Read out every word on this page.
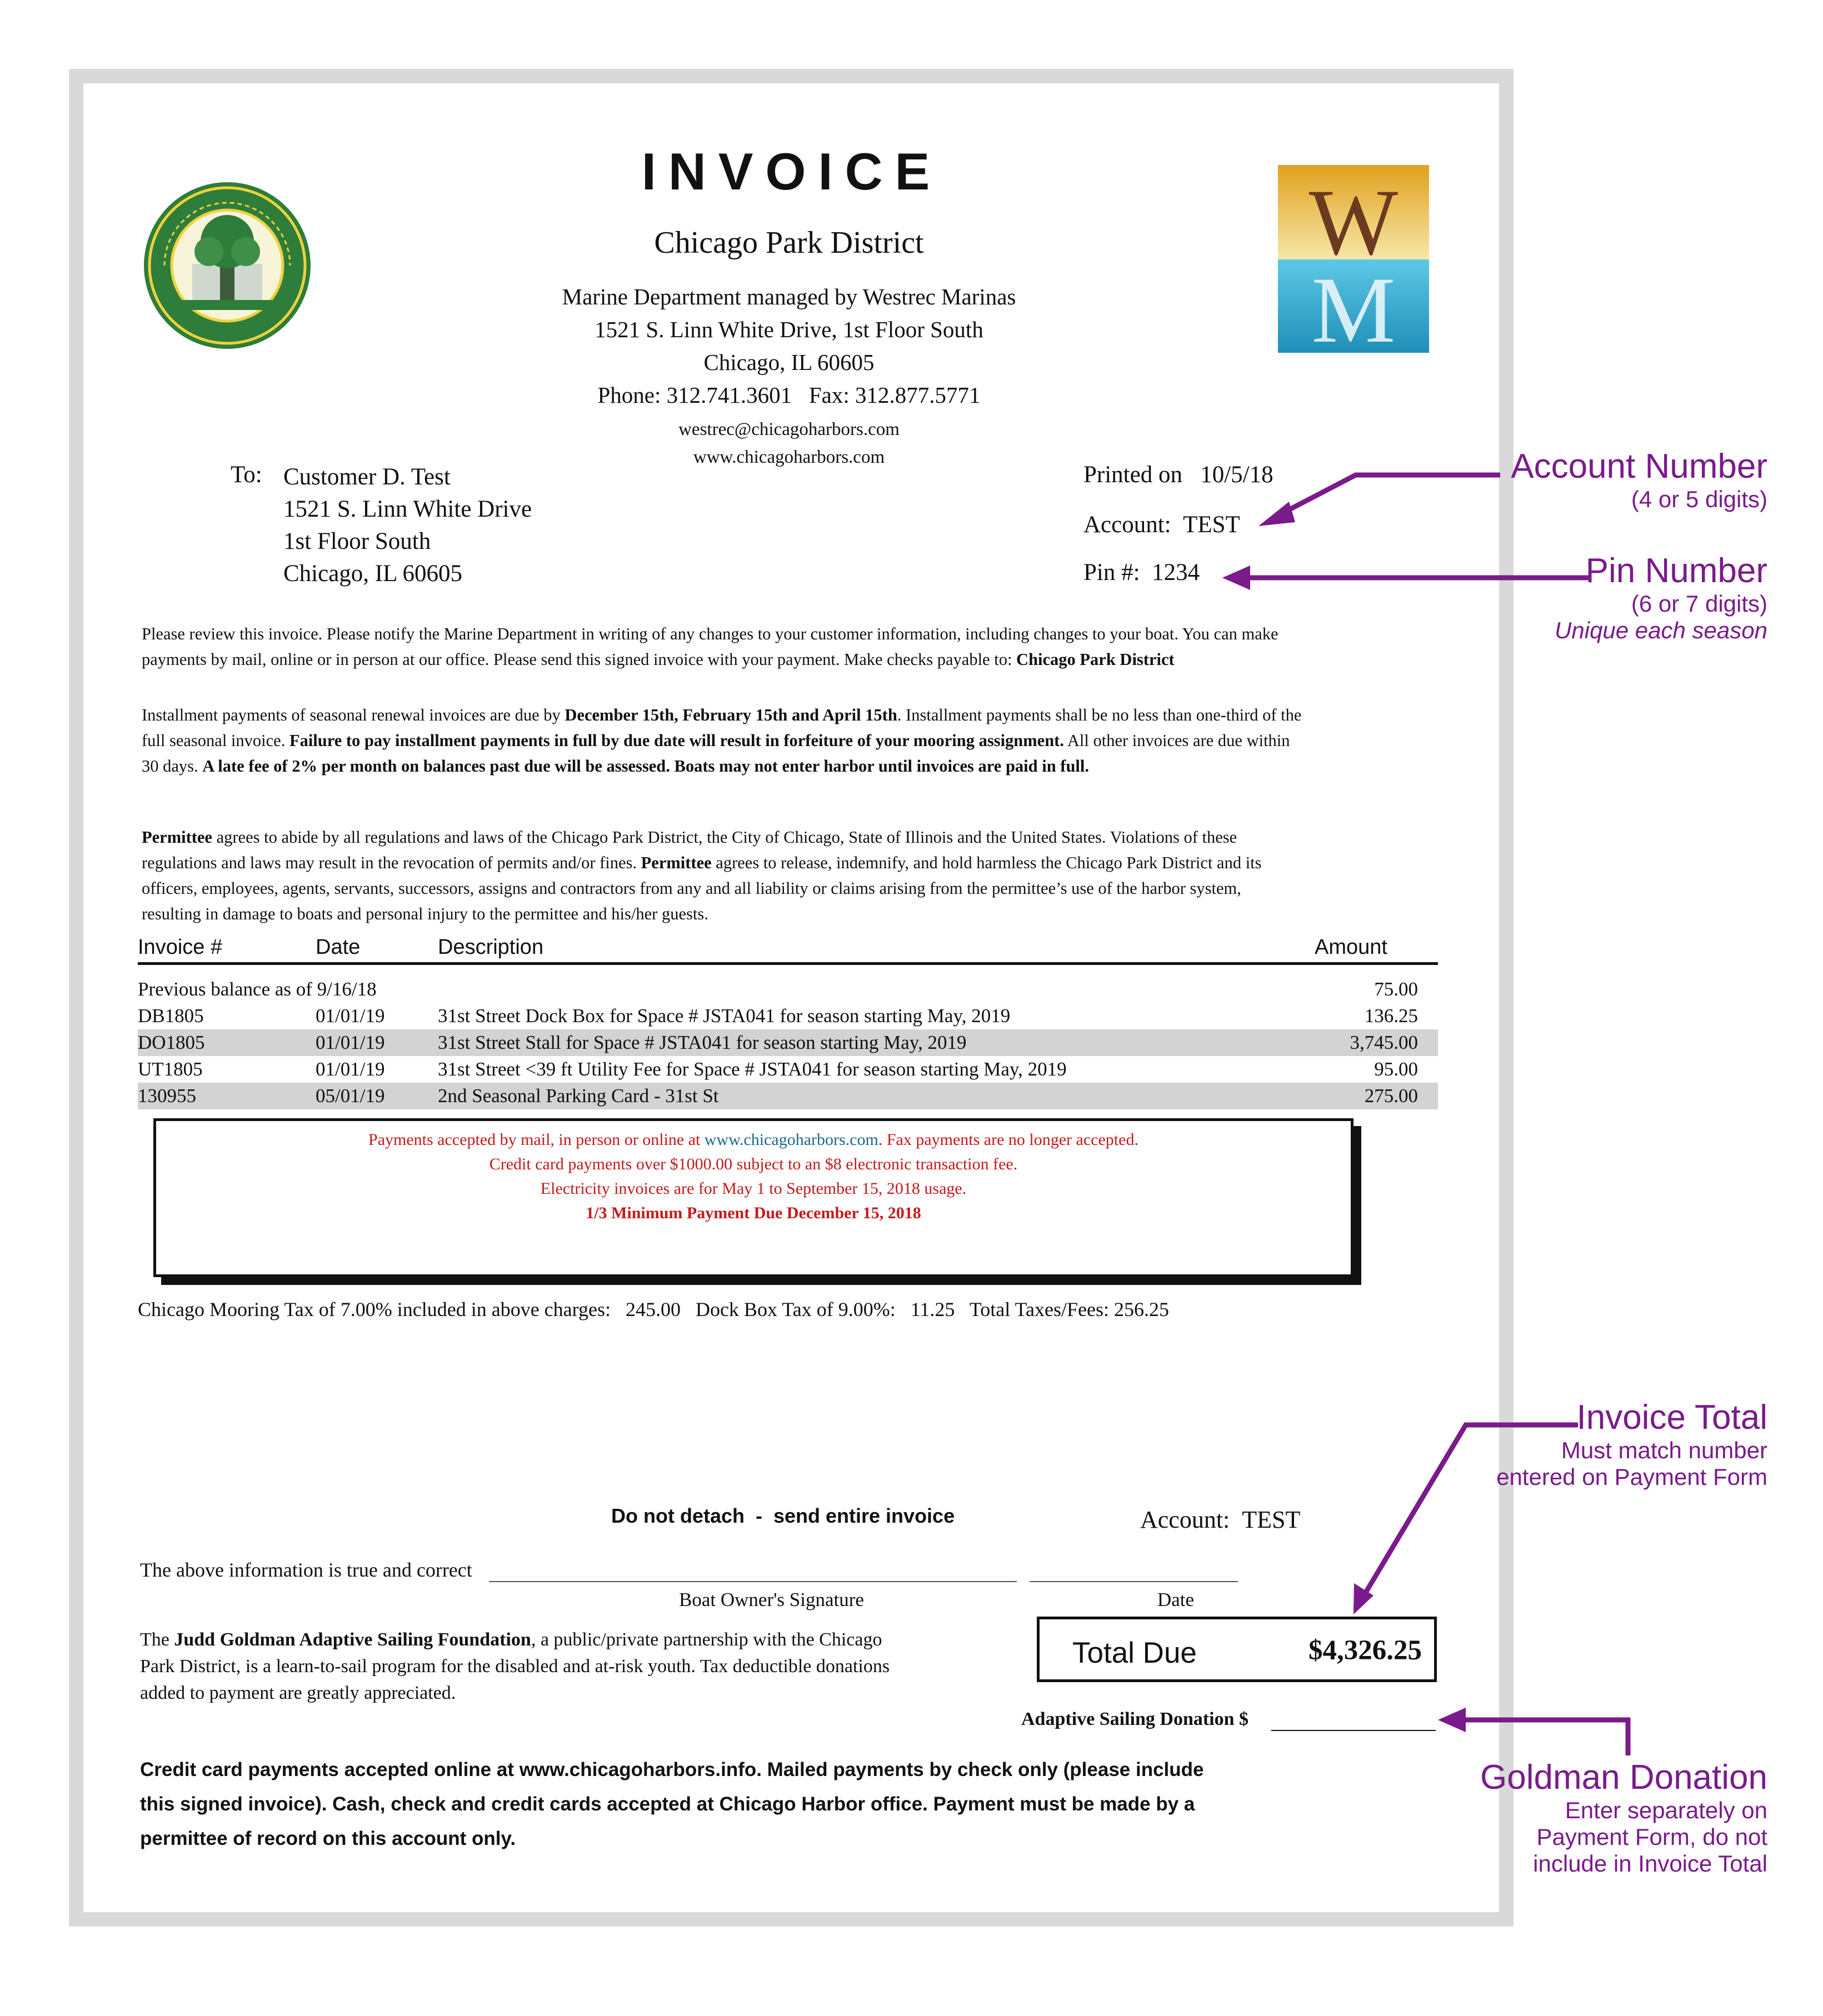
W
M
INVOICE
Chicago Park District
Marine Department managed by Westrec Marinas
1521 S. Linn White Drive, 1st Floor South
Chicago, IL 60605
Phone: 312.741.3601   Fax: 312.877.5771
westrec@chicagoharbors.com
www.chicagoharbors.com
To: Customer D. Test
1521 S. Linn White Drive
1st Floor South
Chicago, IL 60605
Printed on 10/5/18
Account: TEST
Pin #: 1234
Please review this invoice. Please notify the Marine Department in writing of any changes to your customer information, including changes to your boat. You can make payments by mail, online or in person at our office. Please send this signed invoice with your payment. Make checks payable to: Chicago Park District
Installment payments of seasonal renewal invoices are due by December 15th, February 15th and April 15th. Installment payments shall be no less than one-third of the full seasonal invoice. Failure to pay installment payments in full by due date will result in forfeiture of your mooring assignment. All other invoices are due within 30 days. A late fee of 2% per month on balances past due will be assessed. Boats may not enter harbor until invoices are paid in full.
Permittee agrees to abide by all regulations and laws of the Chicago Park District, the City of Chicago, State of Illinois and the United States. Violations of these regulations and laws may result in the revocation of permits and/or fines. Permittee agrees to release, indemnify, and hold harmless the Chicago Park District and its officers, employees, agents, servants, successors, assigns and contractors from any and all liability or claims arising from the permittee’s use of the harbor system, resulting in damage to boats and personal injury to the permittee and his/her guests.
Invoice #	Date	Description	Amount
Previous balance as of 9/16/18	75.00
DB1805	01/01/19	31st Street Dock Box for Space # JSTA041 for season starting May, 2019	136.25
DO1805	01/01/19	31st Street Stall for Space # JSTA041 for season starting May, 2019	3,745.00
UT1805	01/01/19	31st Street <39 ft Utility Fee for Space # JSTA041 for season starting May, 2019	95.00
130955	05/01/19	2nd Seasonal Parking Card - 31st St	275.00
Payments accepted by mail, in person or online at www.chicagoharbors.com. Fax payments are no longer accepted.
Credit card payments over $1000.00 subject to an $8 electronic transaction fee.
Electricity invoices are for May 1 to September 15, 2018 usage.
1/3 Minimum Payment Due December 15, 2018
Chicago Mooring Tax of 7.00% included in above charges:   245.00   Dock Box Tax of 9.00%:   11.25   Total Taxes/Fees: 256.25
Do not detach  -  send entire invoice	Account: TEST
The above information is true and correct
Boat Owner's Signature	Date
The Judd Goldman Adaptive Sailing Foundation, a public/private partnership with the Chicago Park District, is a learn-to-sail program for the disabled and at-risk youth. Tax deductible donations added to payment are greatly appreciated.
Total Due	$4,326.25
Adaptive Sailing Donation $
Credit card payments accepted online at www.chicagoharbors.info. Mailed payments by check only (please include this signed invoice). Cash, check and credit cards accepted at Chicago Harbor office. Payment must be made by a permittee of record on this account only.
Account Number
(4 or 5 digits)
Pin Number
(6 or 7 digits)
Unique each season
Invoice Total
Must match number
entered on Payment Form
Goldman Donation
Enter separately on
Payment Form, do not
include in Invoice Total
